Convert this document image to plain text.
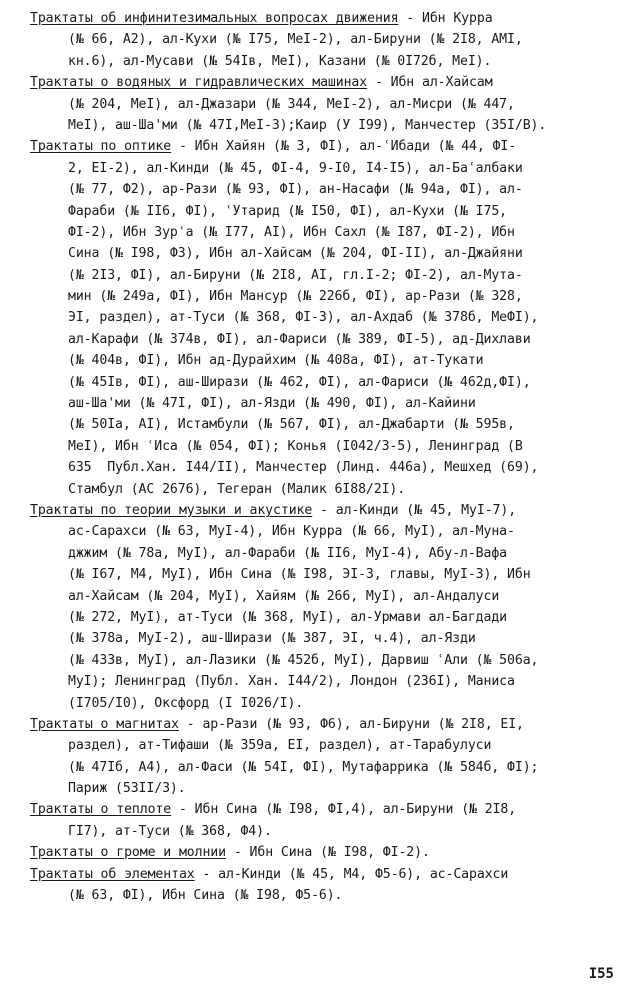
Трактаты об инфинитезимальных вопросах движения - Ибн Курра
(№ 66, А2), ал-Кухи (№ I75, МеI-2), ал-Бируни (№ 2I8, АМI,
кн.6), ал-Мусави (№ 54Iв, МеI), Казани (№ 0I72б, МеI).
Трактаты о водяных и гидравлических машинах - Ибн ал-Хайсам
(№ 204, МеI), ал-Джазари (№ 344, МеI-2), ал-Мисри (№ 447,
МеI), аш-Ша'ми (№ 47I,МеI-3);Каир (У I99), Манчестер (35I/В).
Трактаты по оптике - Ибн Хайян (№ 3, ФI), ал-ʿИбади (№ 44, ФI-
2, ЕI-2), ал-Кинди (№ 45, ФI-4, 9-I0, I4-I5), ал-Баʿалбаки
(№ 77, Ф2), ар-Рази (№ 93, ФI), ан-Насафи (№ 94а, ФI), ал-
Фараби (№ II6, ФI), ʿУтарид (№ I50, ФI), ал-Кухи (№ I75,
ФI-2), Ибн Зурʿа (№ I77, АI), Ибн Сахл (№ I87, ФI-2), Ибн
Сина (№ I98, Ф3), Ибн ал-Хайсам (№ 204, ФI-II), ал-Джайяни
(№ 2I3, ФI), ал-Бируни (№ 2I8, АI, гл.I-2; ФI-2), ал-Мута-
мин (№ 249а, ФI), Ибн Мансур (№ 226б, ФI), ар-Рази (№ 328,
ЭI, раздел), ат-Туси (№ 368, ФI-3), ал-Ахдаб (№ 378б, МеФI),
ал-Карафи (№ 374в, ФI), ал-Фариси (№ 389, ФI-5), ад-Дихлави
(№ 404в, ФI), Ибн ад-Дурайхим (№ 408а, ФI), ат-Тукати
(№ 45Iв, ФI), аш-Ширази (№ 462, ФI), ал-Фариси (№ 462д,ФI),
аш-Ша'ми (№ 47I, ФI), ал-Язди (№ 490, ФI), ал-Кайини
(№ 50Iа, АI), Истамбули (№ 567, ФI), ал-Джабарти (№ 595в,
МеI), Ибн ʿИса (№ 054, ФI); Конья (I042/3-5), Ленинград (В
635  Публ.Хан. I44/II), Манчестер (Линд. 446а), Мешхед (69),
Стамбул (АС 2676), Тегеран (Малик 6I88/2I).
Трактаты по теории музыки и акустике - ал-Кинди (№ 45, МуI-7),
ас-Сарахси (№ 63, МуI-4), Ибн Курра (№ 66, МуI), ал-Муна-
джжим (№ 78а, МуI), ал-Фараби (№ II6, МуI-4), Абу-л-Вафа
(№ I67, М4, МуI), Ибн Сина (№ I98, ЭI-3, главы, МуI-3), Ибн
ал-Хайсам (№ 204, МуI), Хайям (№ 266, МуI), ал-Андалуси
(№ 272, МуI), ат-Туси (№ 368, МуI), ал-Урмави ал-Багдади
(№ 378а, МуI-2), аш-Ширази (№ 387, ЭI, ч.4), ал-Язди
(№ 433в, МуI), ал-Лазики (№ 452б, МуI), Дарвиш ʿАли (№ 506а,
МуI); Ленинград (Публ. Хан. I44/2), Лондон (236I), Маниса
(I705/I0), Оксфорд (I I026/I).
Трактаты о магнитах - ар-Рази (№ 93, Ф6), ал-Бируни (№ 2I8, ЕI,
раздел), ат-Тифаши (№ 359а, ЕI, раздел), ат-Тарабулуси
(№ 47Iб, А4), ал-Фаси (№ 54I, ФI), Мутафаррика (№ 584б, ФI);
Париж (53II/3).
Трактаты о теплоте - Ибн Сина (№ I98, ФI,4), ал-Бируни (№ 2I8,
ГI7), ат-Туси (№ 368, Ф4).
Трактаты о громе и молнии - Ибн Сина (№ I98, ФI-2).
Трактаты об элементах - ал-Кинди (№ 45, М4, Ф5-6), ас-Сарахси
(№ 63, ФI), Ибн Сина (№ I98, Ф5-6).
I55
